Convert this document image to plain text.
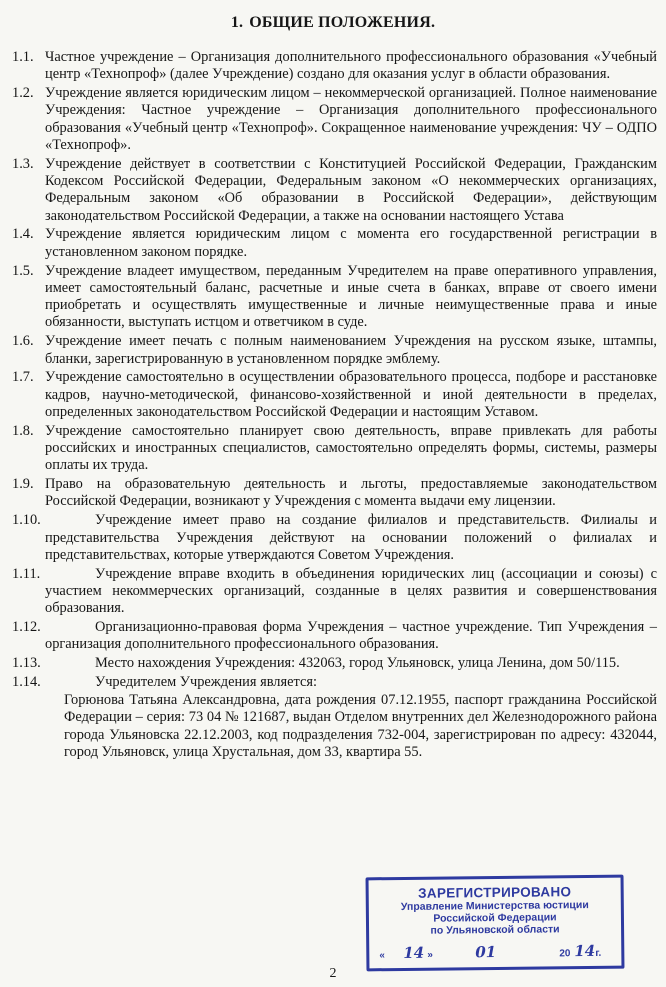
1. ОБЩИЕ ПОЛОЖЕНИЯ.
1.1. Частное учреждение – Организация дополнительного профессионального образования «Учебный центр «Технопроф» (далее Учреждение) создано для оказания услуг в области образования.
1.2. Учреждение является юридическим лицом – некоммерческой организацией. Полное наименование Учреждения: Частное учреждение – Организация дополнительного профессионального образования «Учебный центр «Технопроф». Сокращенное наименование учреждения: ЧУ – ОДПО «Технопроф».
1.3. Учреждение действует в соответствии с Конституцией Российской Федерации, Гражданским Кодексом Российской Федерации, Федеральным законом «О некоммерческих организациях, Федеральным законом «Об образовании в Российской Федерации», действующим законодательством Российской Федерации, а также на основании настоящего Устава
1.4. Учреждение является юридическим лицом с момента его государственной регистрации в установленном законом порядке.
1.5. Учреждение владеет имуществом, переданным Учредителем на праве оперативного управления, имеет самостоятельный баланс, расчетные и иные счета в банках, вправе от своего имени приобретать и осуществлять имущественные и личные неимущественные права и иные обязанности, выступать истцом и ответчиком в суде.
1.6. Учреждение имеет печать с полным наименованием Учреждения на русском языке, штампы, бланки, зарегистрированную в установленном порядке эмблему.
1.7. Учреждение самостоятельно в осуществлении образовательного процесса, подборе и расстановке кадров, научно-методической, финансово-хозяйственной и иной деятельности в пределах, определенных законодательством Российской Федерации и настоящим Уставом.
1.8. Учреждение самостоятельно планирует свою деятельность, вправе привлекать для работы российских и иностранных специалистов, самостоятельно определять формы, системы, размеры оплаты их труда.
1.9. Право на образовательную деятельность и льготы, предоставляемые законодательством Российской Федерации, возникают у Учреждения с момента выдачи ему лицензии.
1.10.	Учреждение имеет право на создание филиалов и представительств. Филиалы и представительства Учреждения действуют на основании положений о филиалах и представительствах, которые утверждаются Советом Учреждения.
1.11.	Учреждение вправе входить в объединения юридических лиц (ассоциации и союзы) с участием некоммерческих организаций, созданные в целях развития и совершенствования образования.
1.12.	Организационно-правовая форма Учреждения – частное учреждение. Тип Учреждения – организация дополнительного профессионального образования.
1.13.	Место нахождения Учреждения: 432063, город Ульяновск, улица Ленина, дом 50/115.
1.14.	Учредителем Учреждения является:
Горюнова Татьяна Александровна, дата рождения 07.12.1955, паспорт гражданина Российской Федерации – серия: 73 04 № 121687, выдан Отделом внутренних дел Железнодорожного района города Ульяновска 22.12.2003, код подразделения 732-004, зарегистрирован по адресу: 432044, город Ульяновск, улица Хрустальная, дом 33, квартира 55.
ЗАРЕГИСТРИРОВАНО
Управление Министерства юстиции
Российской Федерации
по Ульяновской области
« 14 »	01	20 14 г.
2
